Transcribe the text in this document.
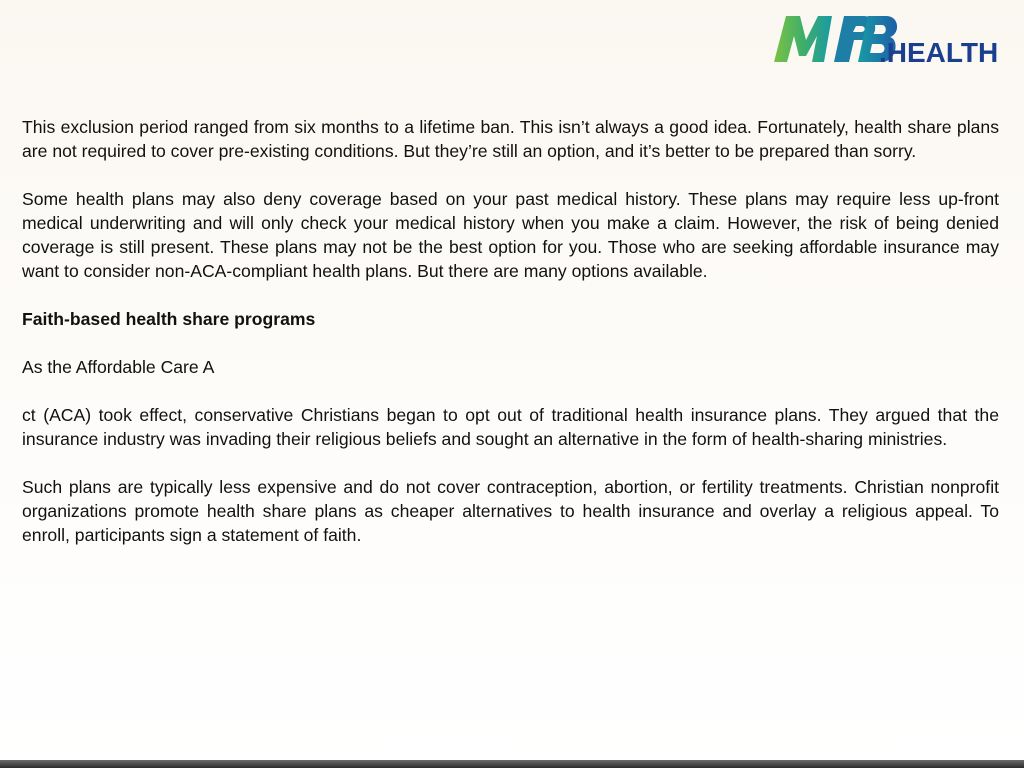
.HEALTH

This exclusion period ranged from six months to a lifetime ban. This isn’t always a good idea. Fortunately, health share plans are not required to cover pre-existing conditions. But they’re still an option, and it’s better to be prepared than sorry.

Some health plans may also deny coverage based on your past medical history. These plans may require less up-front medical underwriting and will only check your medical history when you make a claim. However, the risk of being denied coverage is still present. These plans may not be the best option for you. Those who are seeking affordable insurance may want to consider non-ACA-compliant health plans. But there are many options available.

Faith-based health share programs

As the Affordable Care A

ct (ACA) took effect, conservative Christians began to opt out of traditional health insurance plans. They argued that the insurance industry was invading their religious beliefs and sought an alternative in the form of health-sharing ministries.

Such plans are typically less expensive and do not cover contraception, abortion, or fertility treatments. Christian nonprofit organizations promote health share plans as cheaper alternatives to health insurance and overlay a religious appeal. To enroll, participants sign a statement of faith.
